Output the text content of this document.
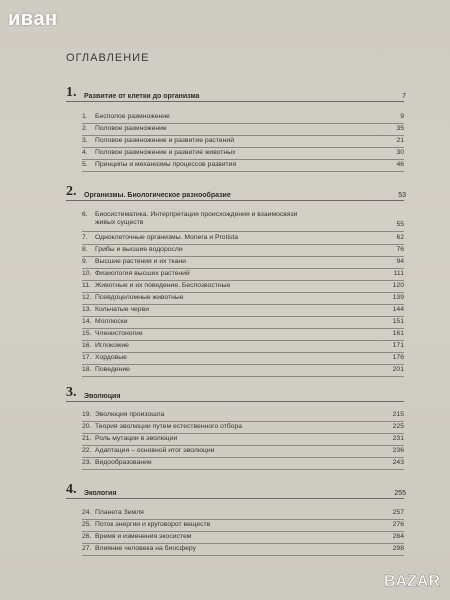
иван
ОГЛАВЛЕНИЕ
1. Развитие от клетки до организма	7
1.	Бесполое размножение	9
2.	Половое размножение	35
3.	Половое размножение и развитие растений	21
4.	Половое размножение и развитие животных	30
5.	Принципы и механизмы процессов развития	46
2. Организмы. Биологическое разнообразие	53
6.	Биосистематика. Интерпретация происхождения и взаимосвязи
живых существ	55
7.	Одноклеточные организмы. Monera и Protista	62
8.	Грибы и высшие водоросли	76
9.	Высшие растения и их ткани	94
10. Физиология высших растений	111
11. Животные и их поведение. Беспозвостные	120
12. Псевдоцеломные животные	139
13. Кольчатые черви	144
14. Моллюски	151
15. Членистоногие	161
16. Иглокожие	171
17. Хордовые	176
18. Поведение	201
3. Эволюция
19. Эволюция произошла	215
20. Теория эволюции путем естественного отбора	225
21. Роль мутации в эволюции	231
22. Адаптация – основной итог эволюции	236
23. Видообразование	243
4. Экология	255
24. Планета Земля	257
25. Поток энергии и круговорот веществ	276
26. Время и изменения экосистем	284
27. Влияние человека на биосферу	298
BAZAR
